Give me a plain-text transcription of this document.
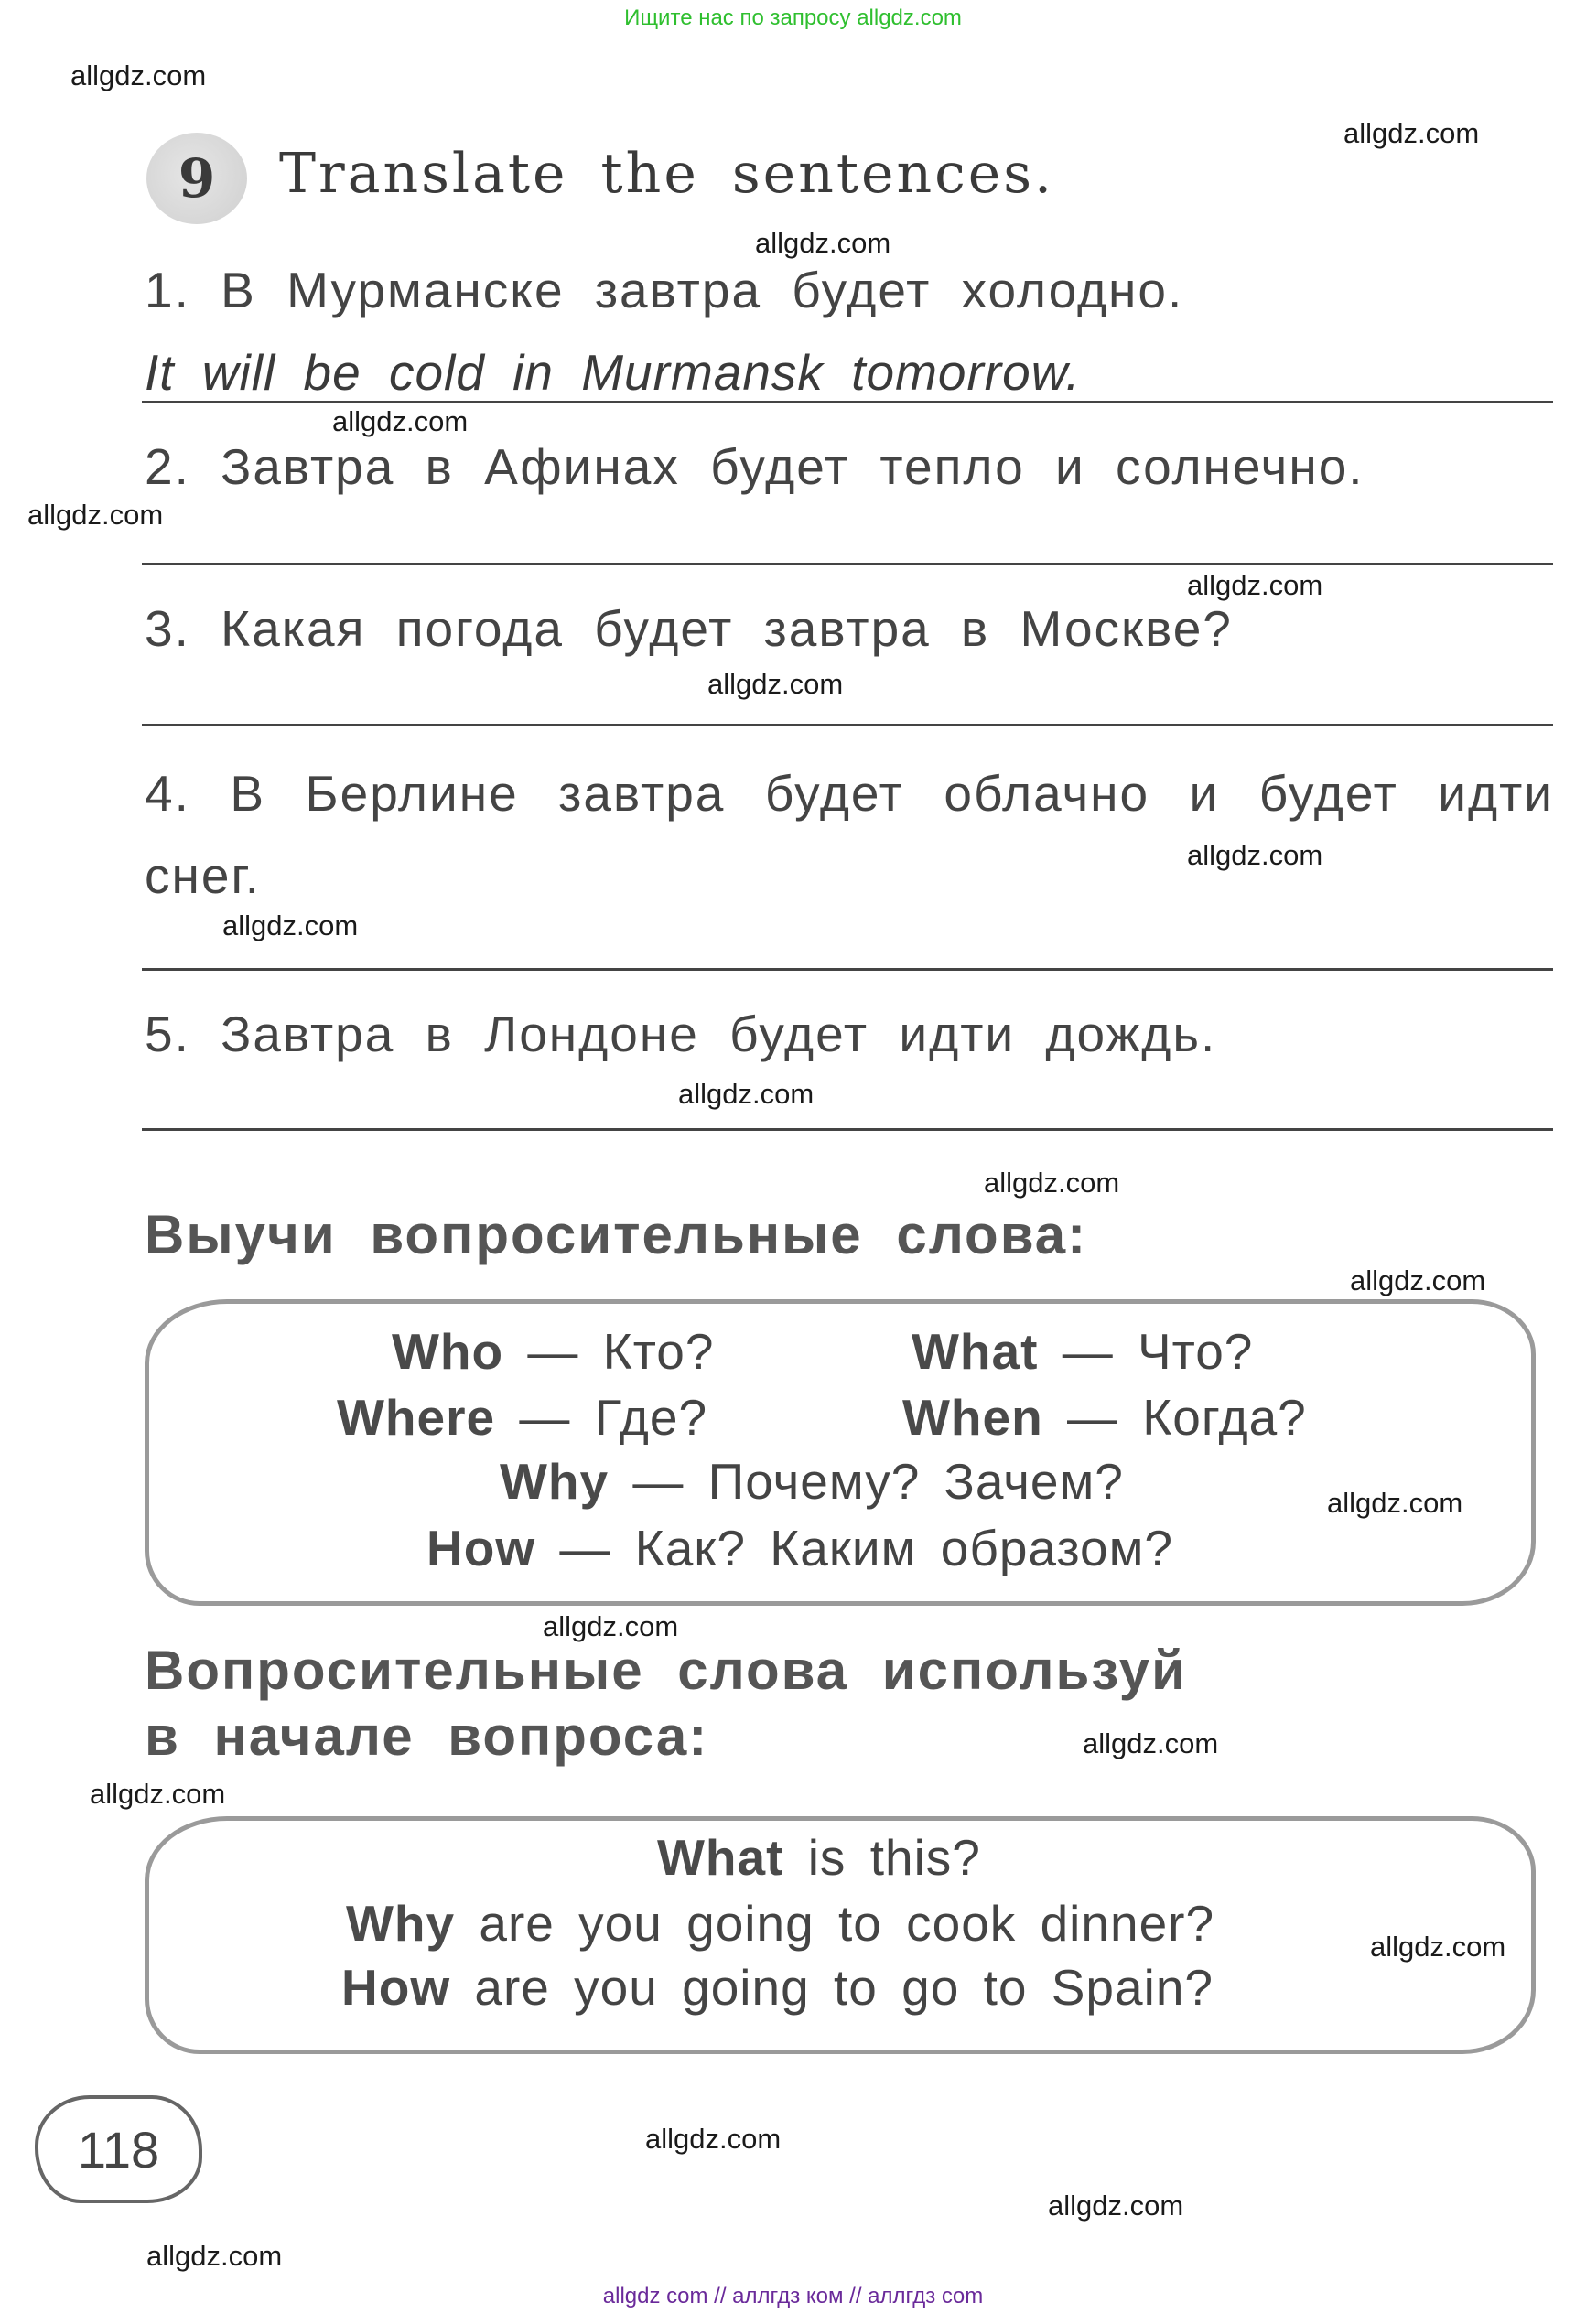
Ищите нас по запросу allgdz.com
allgdz com // аллгдз ком // аллгдз com
9 Translate the sentences.
1. В Мурманске завтра будет холодно.
It will be cold in Murmansk tomorrow.
2. Завтра в Афинах будет тепло и солнечно.
3. Какая погода будет завтра в Москве?
4. В Берлине завтра будет облачно и будет идти снег.
5. Завтра в Лондоне будет идти дождь.
Выучи вопросительные слова:
Who — Кто?	What — Что?
Where — Где?	When — Когда?
Why — Почему? Зачем?
How — Как? Каким образом?
Вопросительные слова используй
в начале вопроса:
What is this?
Why are you going to cook dinner?
How are you going to go to Spain?
118
allgdz.com
allgdz.com
allgdz.com
allgdz.com
allgdz.com
allgdz.com
allgdz.com
allgdz.com
allgdz.com
allgdz.com
allgdz.com
allgdz.com
allgdz.com
allgdz.com
allgdz.com
allgdz.com
allgdz.com
allgdz.com
allgdz.com
allgdz.com
